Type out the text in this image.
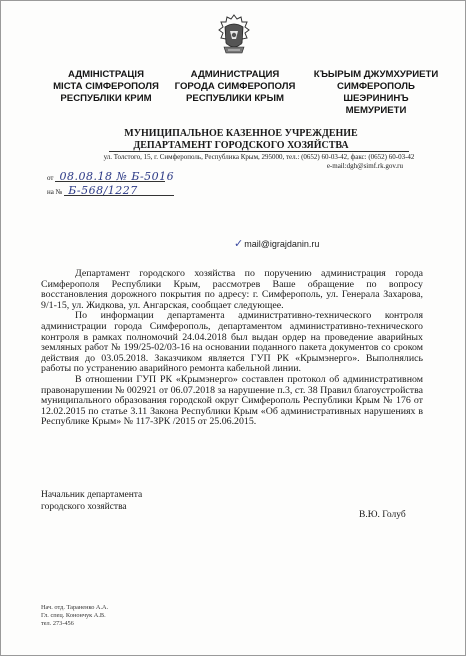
АДМІНІСТРАЦІЯ
МІСТА СІМФЕРОПОЛЯ
РЕСПУБЛІКИ КРИМ
АДМИНИСТРАЦИЯ
ГОРОДА СИМФЕРОПОЛЯ
РЕСПУБЛИКИ КРЫМ
КЪЫРЫМ ДЖУМХУРИЕТИ
СИМФЕРОПОЛЬ
ШЕЭРИНИНЪ
МЕМУРИЕТИ
МУНИЦИПАЛЬНОЕ КАЗЕННОЕ УЧРЕЖДЕНИЕ
ДЕПАРТАМЕНТ ГОРОДСКОГО ХОЗЯЙСТВА
ул. Толстого, 15, г. Симферополь, Республика Крым, 295000, тел.: (0652) 60-03-42, факс: (0652) 60-03-42
e-mail:dgh@simf.rk.gov.ru
от 08.08.18 № Б-5016
на № Б-568/1227
✓mail@igrajdanin.ru

Департамент городского хозяйства по поручению администрация города Симферополя Республики Крым, рассмотрев Ваше обращение по вопросу восстановления дорожного покрытия по адресу: г. Симферополь, ул. Генерала Захарова, 9/1-15, ул. Жидкова, ул. Ангарская, сообщает следующее.

По информации департамента административно-технического контроля администрации города Симферополь, департаментом административно-технического контроля в рамках полномочий 24.04.2018 был выдан ордер на проведение аварийных земляных работ № 199/25-02/03-16 на основании поданного пакета документов со сроком действия до 03.05.2018. Заказчиком является ГУП РК «Крымэнерго». Выполнялись работы по устранению аварийного ремонта кабельной линии.

В отношении ГУП РК «Крымэнерго» составлен протокол об административном правонарушении № 002921 от 06.07.2018 за нарушение п.3, ст. 38 Правил благоустройства муниципального образования городской округ Симферополь Республики Крым № 176 от 12.02.2015 по статье 3.11 Закона Республики Крым «Об административных нарушениях в Республике Крым» № 117-ЗРК /2015 от 25.06.2015.

Начальник департамента
городского хозяйства
В.Ю. Голуб
Нач. отд. Тараненко А.А.
Гл. спец. Конончук А.В.
тел. 273-456
